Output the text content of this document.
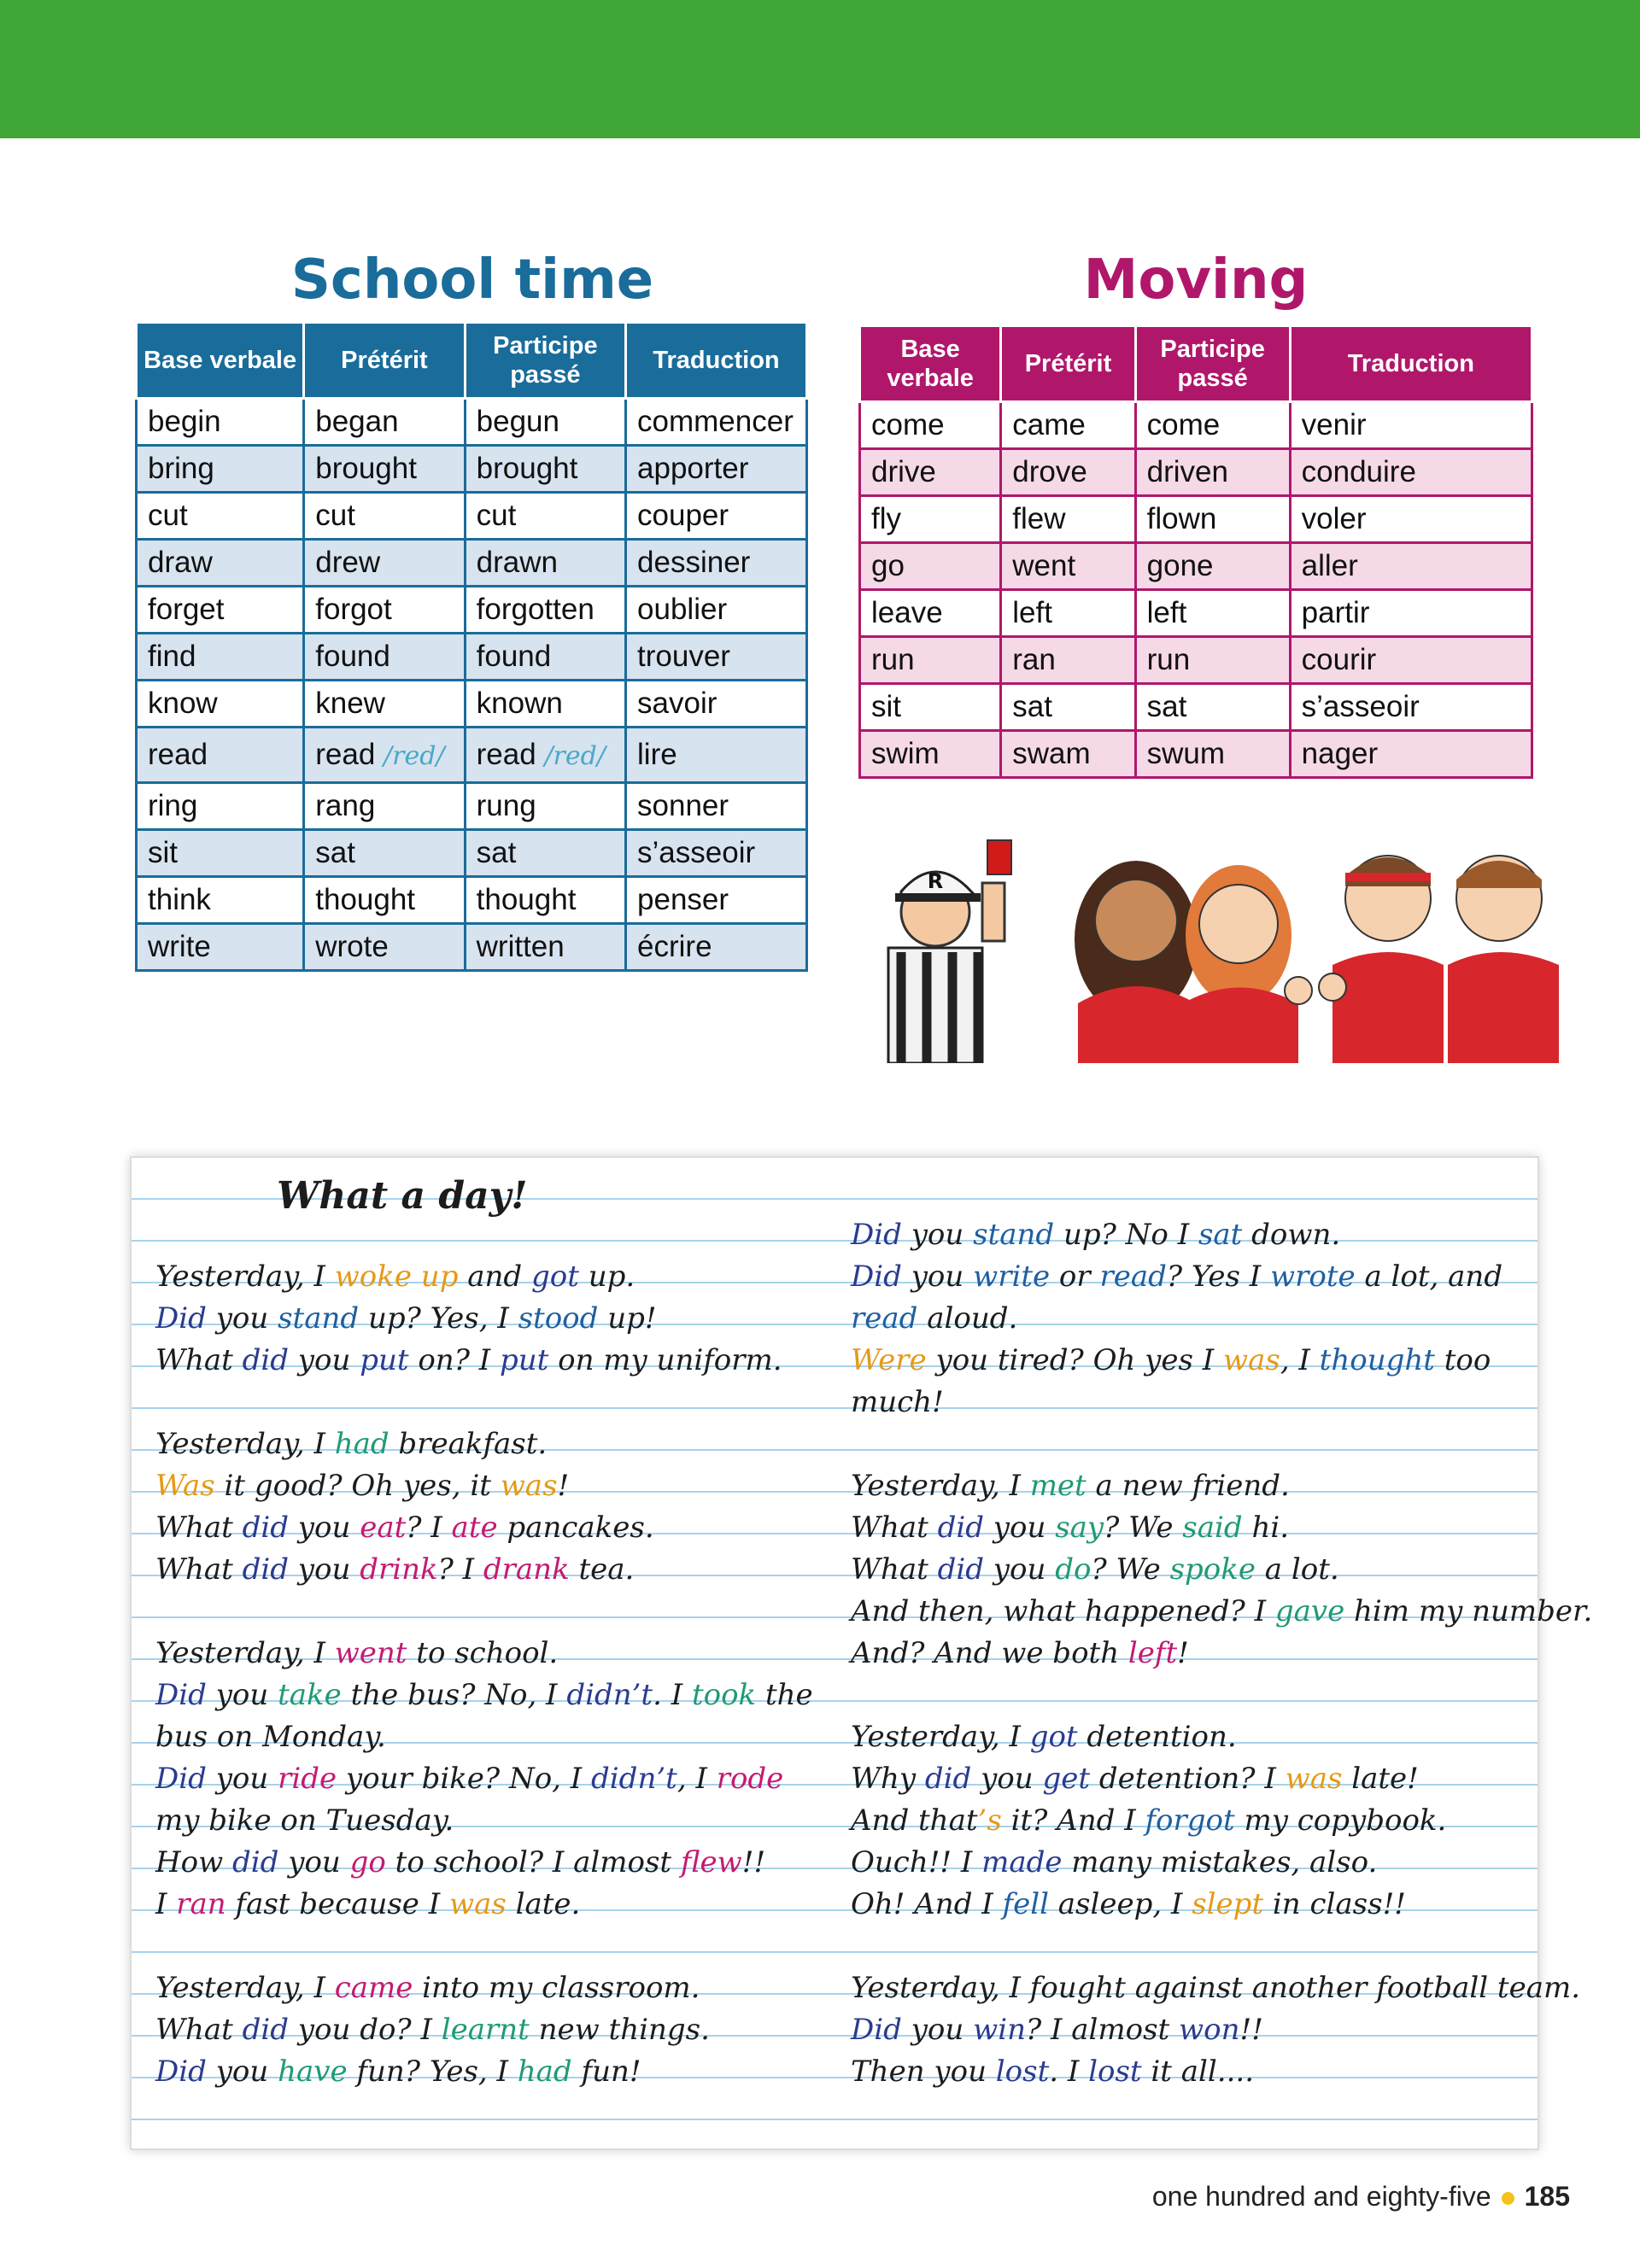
School time
Base verbale	Prétérit	Participe passé	Traduction
begin	began	begun	commencer
bring	brought	brought	apporter
cut	cut	cut	couper
draw	drew	drawn	dessiner
forget	forgot	forgotten	oublier
find	found	found	trouver
know	knew	known	savoir
read	read /red/	read /red/	lire
ring	rang	rung	sonner
sit	sat	sat	s’asseoir
think	thought	thought	penser
write	wrote	written	écrire
Moving
Base verbale	Prétérit	Participe passé	Traduction
come	came	come	venir
drive	drove	driven	conduire
fly	flew	flown	voler
go	went	gone	aller
leave	left	left	partir
run	ran	run	courir
sit	sat	sat	s’asseoir
swim	swam	swum	nager
R
What a day!
Yesterday, I woke up and got up.
Did you stand up? Yes, I stood up!
What did you put on? I put on my uniform.
Yesterday, I had breakfast.
Was it good? Oh yes, it was!
What did you eat? I ate pancakes.
What did you drink? I drank tea.
Yesterday, I went to school.
Did you take the bus? No, I didn’t. I took the
bus on Monday.
Did you ride your bike? No, I didn’t, I rode
my bike on Tuesday.
How did you go to school? I almost flew!!
I ran fast because I was late.
Yesterday, I came into my classroom.
What did you do? I learnt new things.
Did you have fun? Yes, I had fun!
Did you stand up? No I sat down.
Did you write or read? Yes I wrote a lot, and
read aloud.
Were you tired? Oh yes I was, I thought too
much!
Yesterday, I met a new friend.
What did you say? We said hi.
What did you do? We spoke a lot.
And then, what happened? I gave him my number.
And? And we both left!
Yesterday, I got detention.
Why did you get detention? I was late!
And that’s it? And I forgot my copybook.
Ouch!! I made many mistakes, also.
Oh! And I fell asleep, I slept in class!!
Yesterday, I fought against another football team.
Did you win? I almost won!!
Then you lost. I lost it all....
one hundred and eighty-five 185
